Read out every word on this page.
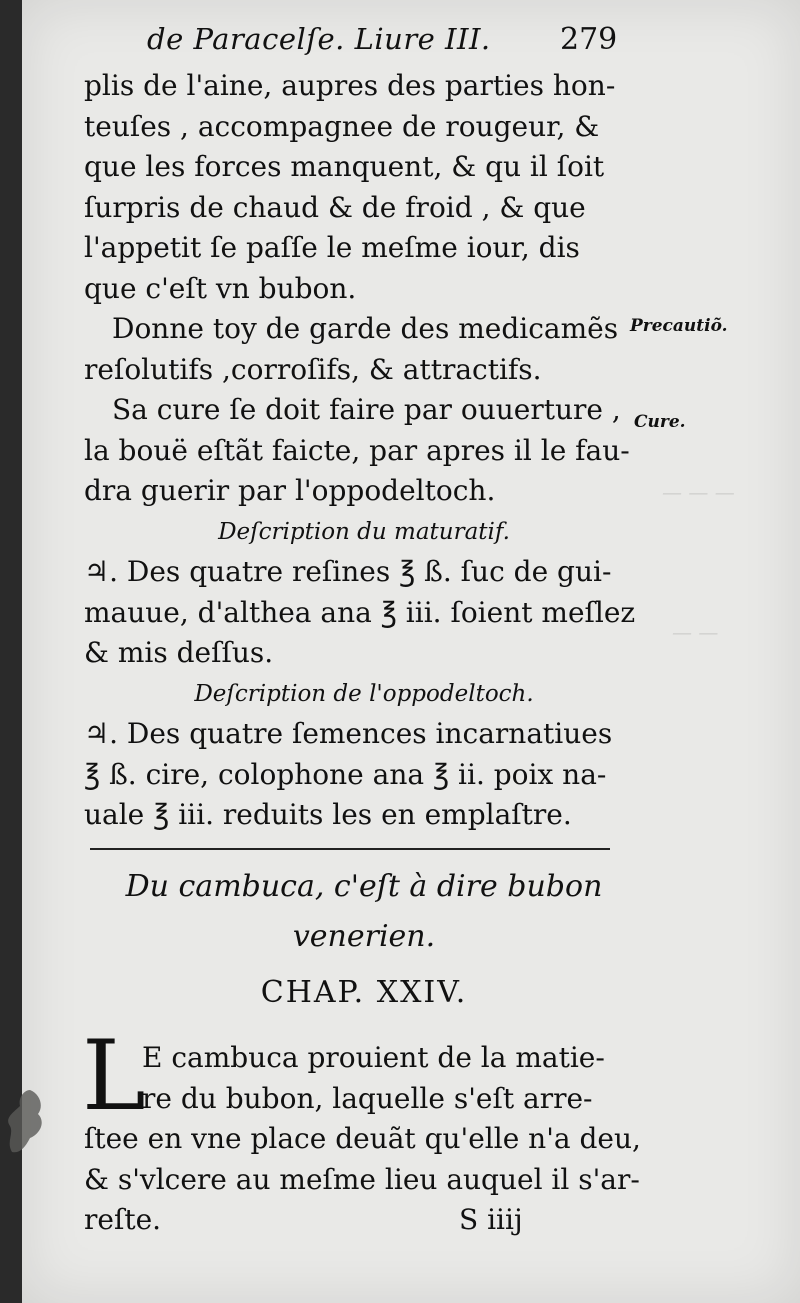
— — —
— —
de Paracelſe. Liure III. 279
plis de l'aine, aupres des parties hon-
teuſes , accompagnee de rougeur, &
que les forces manquent, & qu il ſoit
ſurpris de chaud & de froid , & que
l'appetit ſe paſſe le meſme iour, dis
que c'eſt vn bubon.
Donne toy de garde des medicamẽs
reſolutifs ,corroſifs, & attractifs.
Sa cure ſe doit faire par ouuerture ,
la bouë eſtãt faicte, par apres il le fau-
dra guerir par l'oppodeltoch.
Deſcription du maturatif.
♃. Des quatre reſines ℥ ß. ſuc de gui-
mauue, d'althea ana ℥ iii. ſoient meſlez
& mis deſſus.
Deſcription de l'oppodeltoch.
♃. Des quatre ſemences incarnatiues
℥ ß. cire, colophone ana ℥ ii. poix na-
uale ℥ iii. reduits les en emplaſtre.
Precautiõ.
Cure.
Du cambuca, c'eſt à dire bubon
venerien.
CHAP. XXIV.
L
E cambuca prouient de la matie-
re du bubon, laquelle s'eſt arre-
ſtee en vne place deuãt qu'elle n'a deu,
& s'vlcere au meſme lieu auquel il s'ar-
reſte.	S iiij
